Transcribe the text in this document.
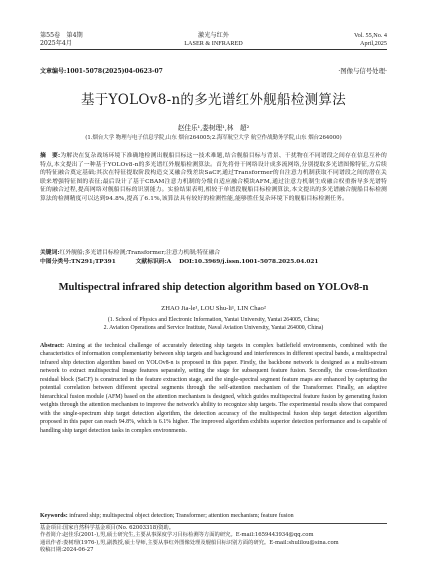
第55卷　第4期
2025年4月
激光与红外
LASER & INFRARED
Vol. 55,No. 4
April,2025
文章编号:1001-5078(2025)04-0623-07	·图像与信号处理·
基于YOLOv8-n的多光谱红外舰船检测算法
赵佳乐¹,娄树理¹,林　超²
(1.烟台大学 物理与电子信息学院,山东 烟台264005;2.海军航空大学 航空作战勤务学院,山东 烟台264000)
摘　要:为解决在复杂战场环境下准确地检测出舰船目标这一技术难题,结合舰船目标与背景、干扰物在不同谱段之间存在信息互补的特点,本文提出了一种基于YOLOv8-n的多光谱红外舰船检测算法。首先将骨干网络设计成多流网络,分别提取多光谱图像特征,方后续的特征融合奠定基础;其次在特征提取阶段构造交叉融合残差块SaCF,通过Transformer的自注意力机制获取不同谱段之间的潜在关联来增强特征图的表征;最后设计了基于CBAM注意力机制的分级自适应融合模块AFM,通过注意力机制生成融合权重指导多光谱特征的融合过程,提高网络对舰船目标的识别能力。实验结果表明,相较于单谱段舰船目标检测算法,本文提出的多光谱融合舰船目标检测算法的检测精度可以达到94.8%,提高了6.1%,该算法具有较好的检测性能,能够胜任复杂环境下的舰船目标检测任务。
关键词:红外舰船;多光谱目标检测;Transformer;注意力机制;特征融合
中图分类号:TN291;TP391	文献标识码:A DOI:10.3969/j.issn.1001-5078.2025.04.021
Multispectral infrared ship detection algorithm based on YOLOv8-n
ZHAO Jia-le¹, LOU Shu-li¹, LIN Chao²
(1. School of Physics and Electronic Information, Yantai University, Yantai 264005, China;
2. Aviation Operations and Service Institute, Naval Aviation University, Yantai 264000, China)
Abstract: Aiming at the technical challenge of accurately detecting ship targets in complex battlefield environments, combined with the characteristics of information complementarity between ship targets and background and interferences in different spectral bands, a multispectral infrared ship detection algorithm based on YOLOv8-n is proposed in this paper. Firstly, the backbone network is designed as a multi-stream network to extract multispectral image features separately, setting the stage for subsequent feature fusion. Secondly, the cross-fertilization residual block (SaCF) is constructed in the feature extraction stage, and the single-spectral segment feature maps are enhanced by capturing the potential correlation between different spectral segments through the self-attention mechanism of the Transformer. Finally, an adaptive hierarchical fusion module (AFM) based on the attention mechanism is designed, which guides multispectral feature fusion by generating fusion weights through the attention mechanism to improve the network's ability to recognize ship targets. The experimental results show that compared with the single-spectrum ship target detection algorithm, the detection accuracy of the multispectral fusion ship target detection algorithm proposed in this paper can reach 94.8%, which is 6.1% higher. The improved algorithm exhibits superior detection performance and is capable of handling ship target detection tasks in complex environments.
Keywords: infrared ship; multispectral object detection; Transformer; attention mechanism; feature fusion
基金项目:国家自然科学基金项目(No. 62003318)资助。
作者简介:赵佳乐(2001-),男,硕士研究生,主要从事深度学习目标检测等方面的研究。E-mail:1659443934@qq.com
通讯作者:娄树理(1976-),男,副教授,硕士导师,主要从事红外图像处理及舰船目标识别方面的研究。E-mail:shulilou@sina.com
收稿日期:2024-06-27
